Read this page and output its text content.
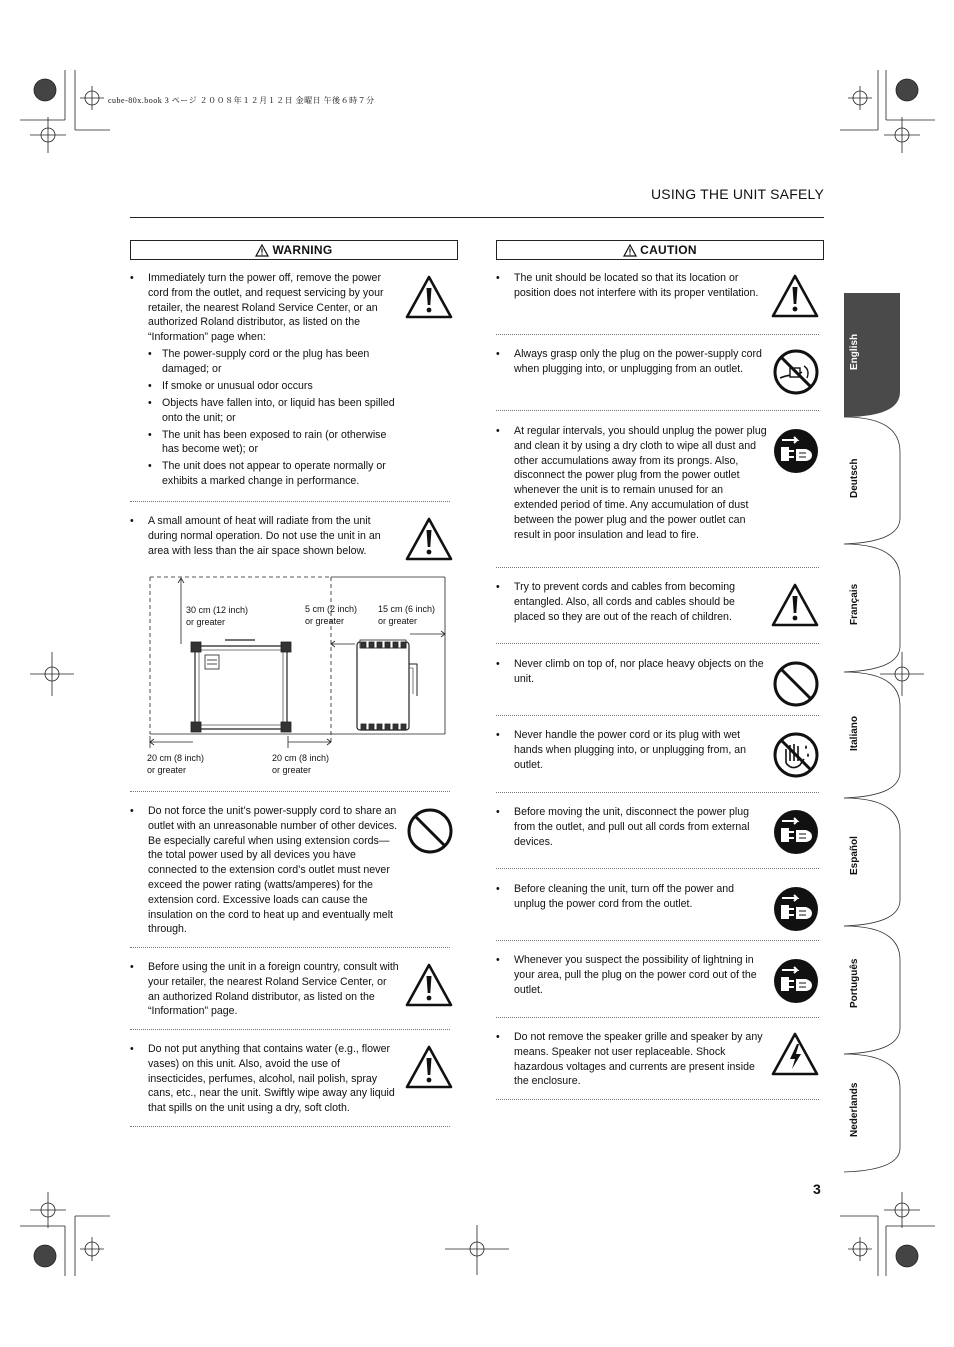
cube-80x.book 3 ページ ２００８年１２月１２日 金曜日 午後６時７分
USING THE UNIT SAFELY
WARNING	CAUTION
• Immediately turn the power off, remove the power cord from the outlet, and request servicing by your retailer, the nearest Roland Service Center, or an authorized Roland distributor, as listed on the “Information” page when:
• The power-supply cord or the plug has been damaged; or
• If smoke or unusual odor occurs
• Objects have fallen into, or liquid has been spilled onto the unit; or
• The unit has been exposed to rain (or otherwise has become wet); or
• The unit does not appear to operate normally or exhibits a marked change in performance.
• A small amount of heat will radiate from the unit during normal operation. Do not use the unit in an area with less than the air space shown below.
30 cm (12 inch)
or greater
5 cm (2 inch)
or greater
15 cm (6 inch)
or greater
20 cm (8 inch)
or greater
20 cm (8 inch)
or greater
• Do not force the unit’s power-supply cord to share an outlet with an unreasonable number of other devices. Be especially careful when using extension cords—the total power used by all devices you have connected to the extension cord’s outlet must never exceed the power rating (watts/amperes) for the extension cord. Excessive loads can cause the insulation on the cord to heat up and eventually melt through.
• Before using the unit in a foreign country, consult with your retailer, the nearest Roland Service Center, or an authorized Roland distributor, as listed on the “Information” page.
• Do not put anything that contains water (e.g., flower vases) on this unit. Also, avoid the use of insecticides, perfumes, alcohol, nail polish, spray cans, etc., near the unit. Swiftly wipe away any liquid that spills on the unit using a dry, soft cloth.
• The unit should be located so that its location or position does not interfere with its proper ventilation.
• Always grasp only the plug on the power-supply cord when plugging into, or unplugging from an outlet.
• At regular intervals, you should unplug the power plug and clean it by using a dry cloth to wipe all dust and other accumulations away from its prongs. Also, disconnect the power plug from the power outlet whenever the unit is to remain unused for an extended period of time. Any accumulation of dust between the power plug and the power outlet can result in poor insulation and lead to fire.
• Try to prevent cords and cables from becoming entangled. Also, all cords and cables should be placed so they are out of the reach of children.
• Never climb on top of, nor place heavy objects on the unit.
• Never handle the power cord or its plug with wet hands when plugging into, or unplugging from, an outlet.
• Before moving the unit, disconnect the power plug from the outlet, and pull out all cords from external devices.
• Before cleaning the unit, turn off the power and unplug the power cord from the outlet.
• Whenever you suspect the possibility of lightning in your area, pull the plug on the power cord out of the outlet.
• Do not remove the speaker grille and speaker by any means. Speaker not user replaceable. Shock hazardous voltages and currents are present inside the enclosure.
English
Deutsch
Français
Italiano
Español
Português
Nederlands
3
